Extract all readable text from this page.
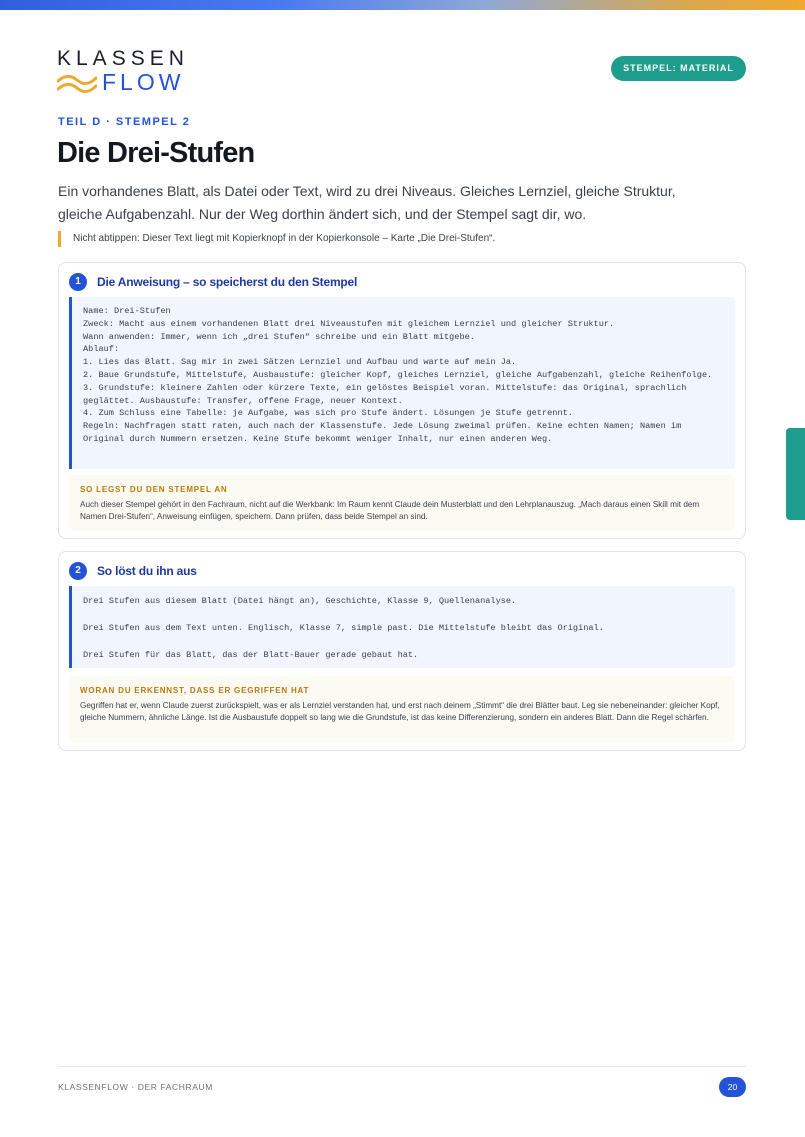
KLASSEN
FLOW
STEMPEL: MATERIAL
TEIL D · STEMPEL 2
Die Drei-Stufen

Ein vorhandenes Blatt, als Datei oder Text, wird zu drei Niveaus. Gleiches Lernziel, gleiche Struktur, gleiche Aufgabenzahl. Nur der Weg dorthin ändert sich, und der Stempel sagt dir, wo.

Nicht abtippen: Dieser Text liegt mit Kopierknopf in der Kopierkonsole – Karte „Die Drei-Stufen“.
1	Die Anweisung – so speicherst du den Stempel
Name: Drei-Stufen
Zweck: Macht aus einem vorhandenen Blatt drei Niveaustufen mit gleichem Lernziel und gleicher Struktur.
Wann anwenden: Immer, wenn ich „drei Stufen“ schreibe und ein Blatt mitgebe.
Ablauf:
1. Lies das Blatt. Sag mir in zwei Sätzen Lernziel und Aufbau und warte auf mein Ja.
2. Baue Grundstufe, Mittelstufe, Ausbaustufe: gleicher Kopf, gleiches Lernziel, gleiche Aufgabenzahl, gleiche Reihenfolge.
3. Grundstufe: kleinere Zahlen oder kürzere Texte, ein gelöstes Beispiel voran. Mittelstufe: das Original, sprachlich geglättet. Ausbaustufe: Transfer, offene Frage, neuer Kontext.
4. Zum Schluss eine Tabelle: je Aufgabe, was sich pro Stufe ändert. Lösungen je Stufe getrennt.
Regeln: Nachfragen statt raten, auch nach der Klassenstufe. Jede Lösung zweimal prüfen. Keine echten Namen; Namen im Original durch Nummern ersetzen. Keine Stufe bekommt weniger Inhalt, nur einen anderen Weg.
SO LEGST DU DEN STEMPEL AN
Auch dieser Stempel gehört in den Fachraum, nicht auf die Werkbank: Im Raum kennt Claude dein Musterblatt und den Lehrplanauszug. „Mach daraus einen Skill mit dem Namen Drei-Stufen“, Anweisung einfügen, speichern. Dann prüfen, dass beide Stempel an sind.
2	So löst du ihn aus
Drei Stufen aus diesem Blatt (Datei hängt an), Geschichte, Klasse 9, Quellenanalyse.
Drei Stufen aus dem Text unten. Englisch, Klasse 7, simple past. Die Mittelstufe bleibt das Original.
Drei Stufen für das Blatt, das der Blatt-Bauer gerade gebaut hat.
WORAN DU ERKENNST, DASS ER GEGRIFFEN HAT
Gegriffen hat er, wenn Claude zuerst zurückspielt, was er als Lernziel verstanden hat, und erst nach deinem „Stimmt“ die drei Blätter baut. Leg sie nebeneinander: gleicher Kopf, gleiche Nummern, ähnliche Länge. Ist die Ausbaustufe doppelt so lang wie die Grundstufe, ist das keine Differenzierung, sondern ein anderes Blatt. Dann die Regel schärfen.
KLASSENFLOW · DER FACHRAUM	20
